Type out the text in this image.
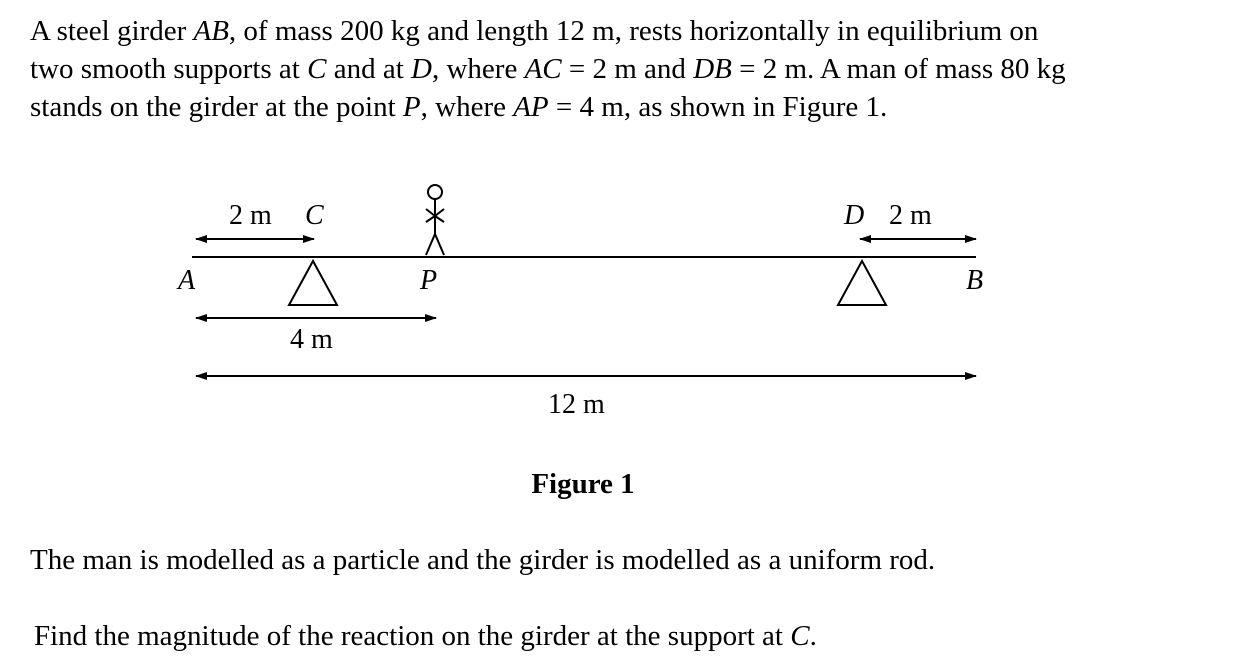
A steel girder AB, of mass 200 kg and length 12 m, rests horizontally in equilibrium on
two smooth supports at C and at D, where AC = 2 m and DB = 2 m. A man of mass 80 kg
stands on the girder at the point P, where AP = 4 m, as shown in Figure 1.

2 m C	D 2 m
A	P	B
4 m
12 m

Figure 1

The man is modelled as a particle and the girder is modelled as a uniform rod.

Find the magnitude of the reaction on the girder at the support at C.
